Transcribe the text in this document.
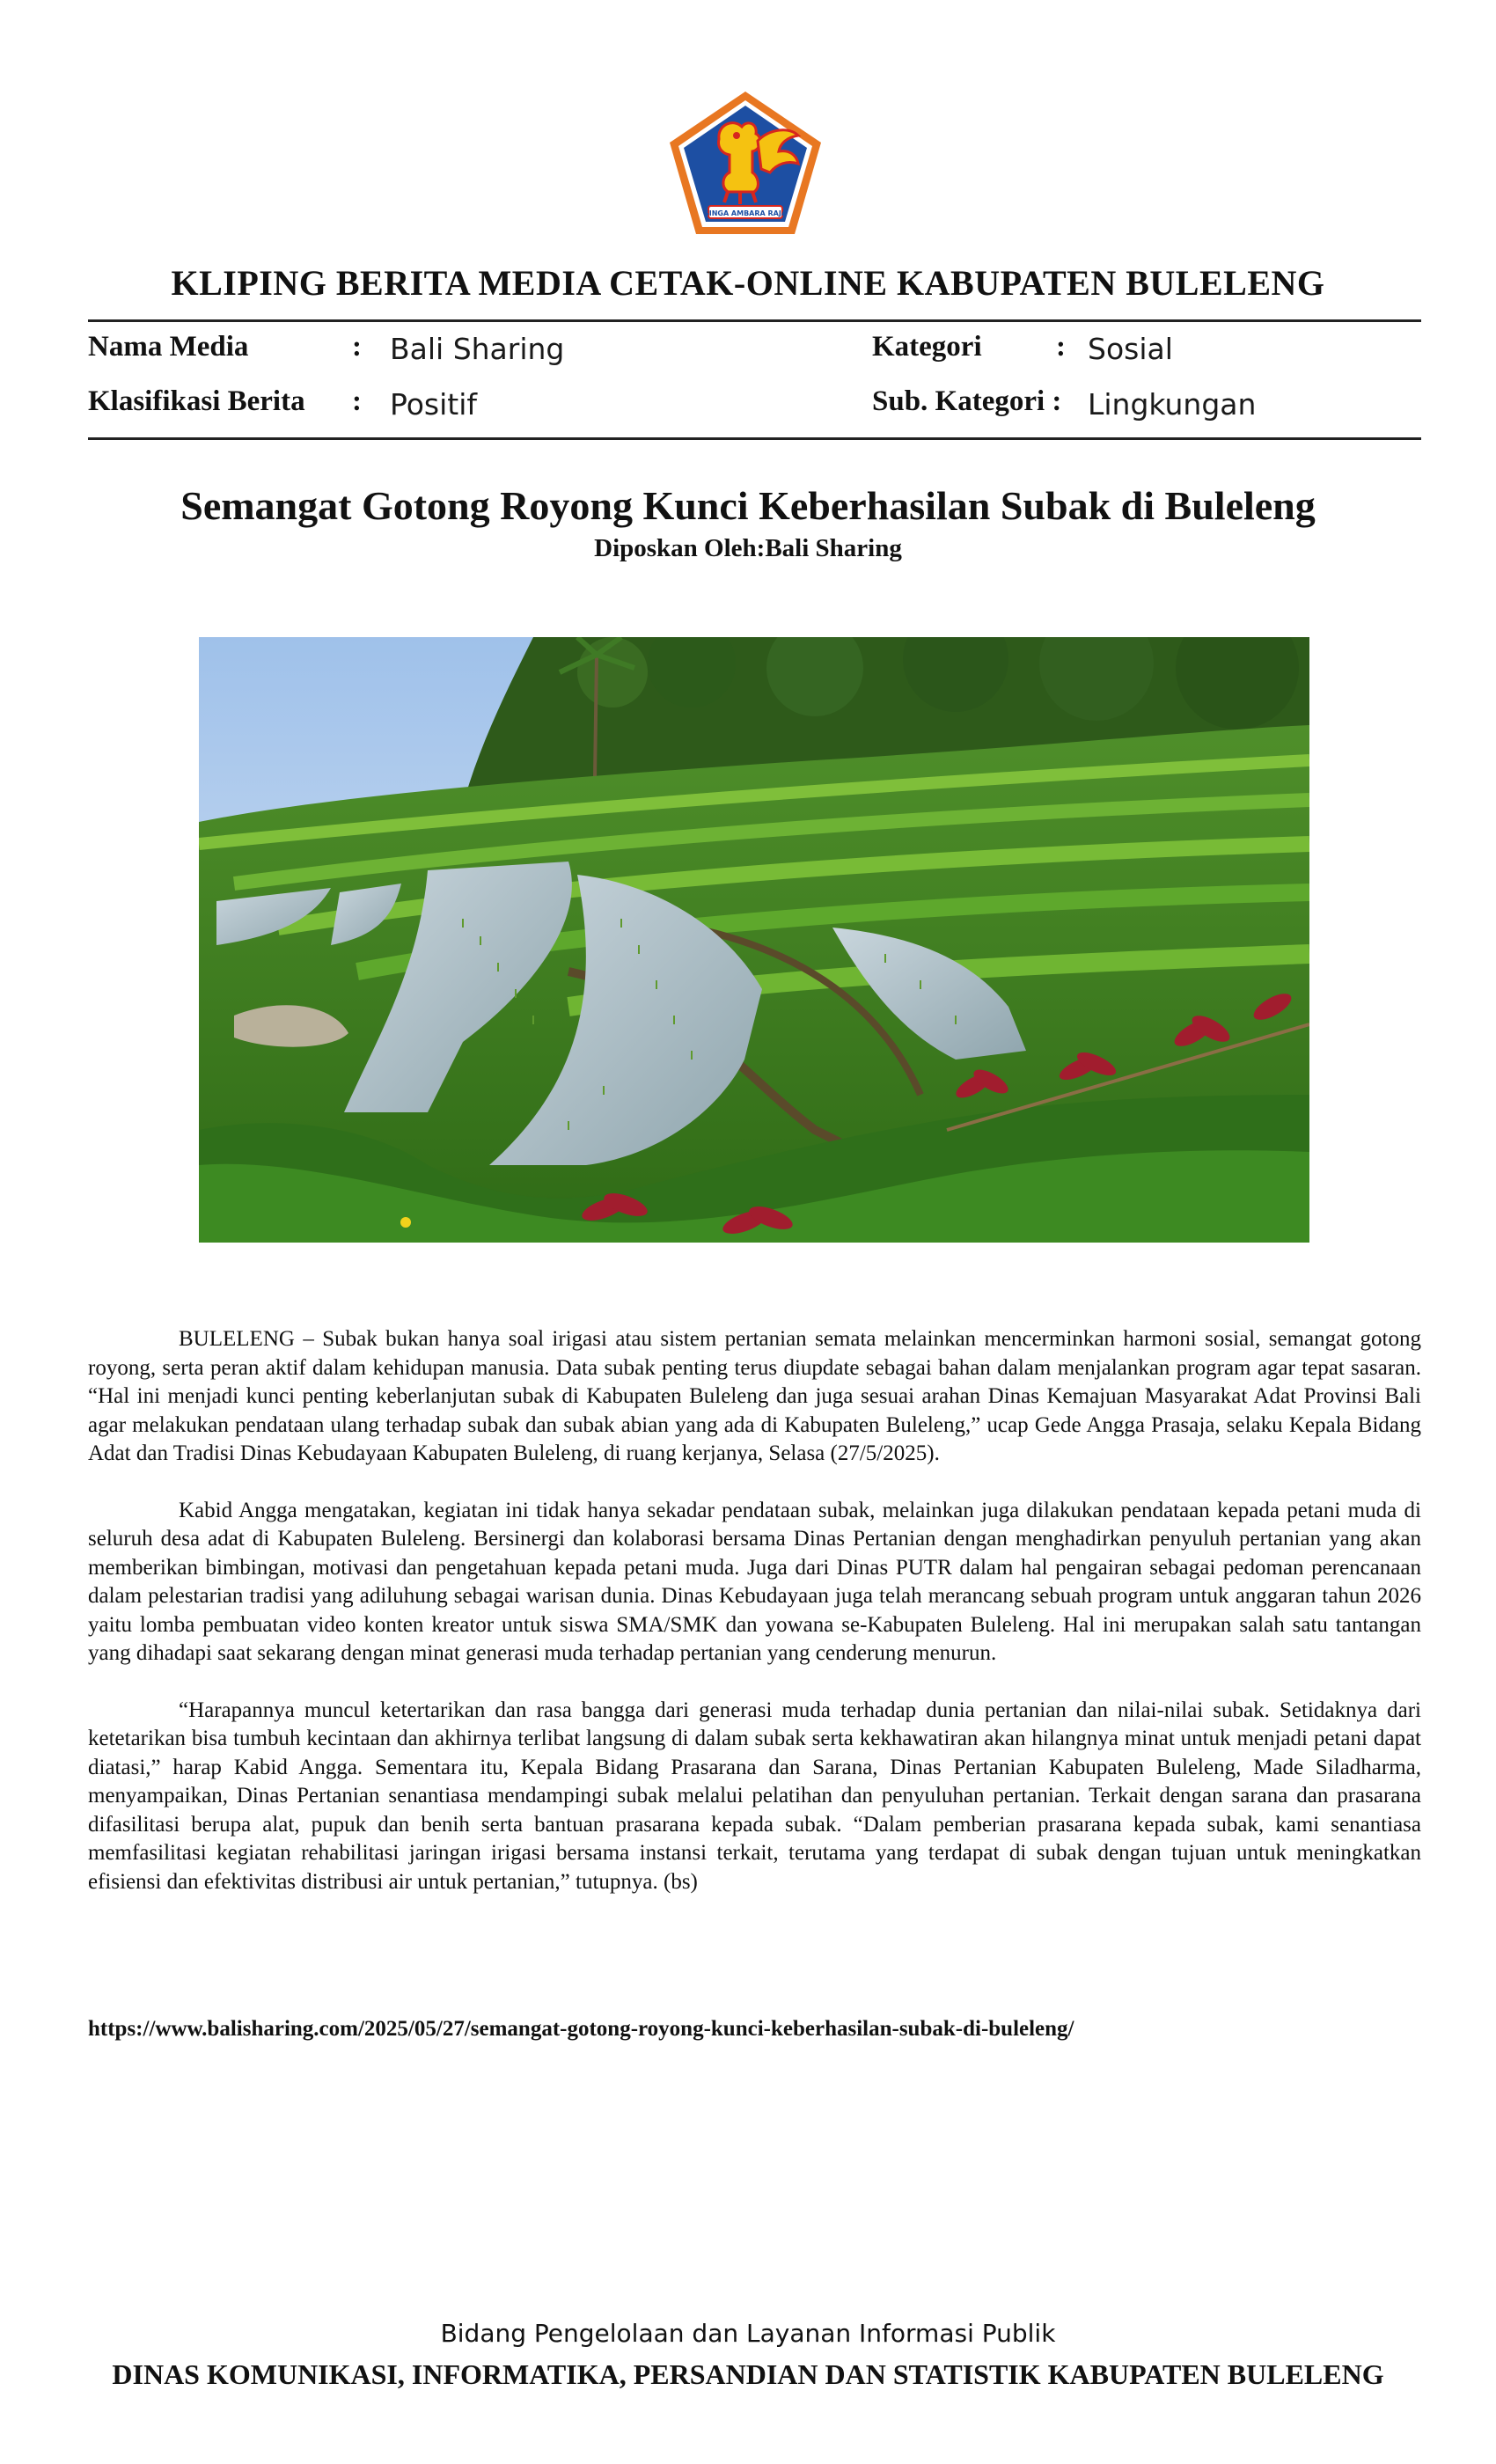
SINGA AMBARA RAJA
KLIPING BERITA MEDIA CETAK-ONLINE KABUPATEN BULELENG
Nama Media	: Bali Sharing	Kategori	: Sosial
Klasifikasi Berita : Positif	Sub. Kategori : Lingkungan
Semangat Gotong Royong Kunci Keberhasilan Subak di Buleleng
Diposkan Oleh:Bali Sharing

BULELENG – Subak bukan hanya soal irigasi atau sistem pertanian semata melainkan mencerminkan harmoni sosial, semangat gotong royong, serta peran aktif dalam kehidupan manusia. Data subak penting terus diupdate sebagai bahan dalam menjalankan program agar tepat sasaran. “Hal ini menjadi kunci penting keberlanjutan subak di Kabupaten Buleleng dan juga sesuai arahan Dinas Kemajuan Masyarakat Adat Provinsi Bali agar melakukan pendataan ulang terhadap subak dan subak abian yang ada di Kabupaten Buleleng,” ucap Gede Angga Prasaja, selaku Kepala Bidang Adat dan Tradisi Dinas Kebudayaan Kabupaten Buleleng, di ruang kerjanya, Selasa (27/5/2025).

Kabid Angga mengatakan, kegiatan ini tidak hanya sekadar pendataan subak, melainkan juga dilakukan pendataan kepada petani muda di seluruh desa adat di Kabupaten Buleleng. Bersinergi dan kolaborasi bersama Dinas Pertanian dengan menghadirkan penyuluh pertanian yang akan memberikan bimbingan, motivasi dan pengetahuan kepada petani muda. Juga dari Dinas PUTR dalam hal pengairan sebagai pedoman perencanaan dalam pelestarian tradisi yang adiluhung sebagai warisan dunia. Dinas Kebudayaan juga telah merancang sebuah program untuk anggaran tahun 2026 yaitu lomba pembuatan video konten kreator untuk siswa SMA/SMK dan yowana se-Kabupaten Buleleng. Hal ini merupakan salah satu tantangan yang dihadapi saat sekarang dengan minat generasi muda terhadap pertanian yang cenderung menurun.

“Harapannya muncul ketertarikan dan rasa bangga dari generasi muda terhadap dunia pertanian dan nilai-nilai subak. Setidaknya dari ketetarikan bisa tumbuh kecintaan dan akhirnya terlibat langsung di dalam subak serta kekhawatiran akan hilangnya minat untuk menjadi petani dapat diatasi,” harap Kabid Angga. Sementara itu, Kepala Bidang Prasarana dan Sarana, Dinas Pertanian Kabupaten Buleleng, Made Siladharma, menyampaikan, Dinas Pertanian senantiasa mendampingi subak melalui pelatihan dan penyuluhan pertanian. Terkait dengan sarana dan prasarana difasilitasi berupa alat, pupuk dan benih serta bantuan prasarana kepada subak. “Dalam pemberian prasarana kepada subak, kami senantiasa memfasilitasi kegiatan rehabilitasi jaringan irigasi bersama instansi terkait, terutama yang terdapat di subak dengan tujuan untuk meningkatkan efisiensi dan efektivitas distribusi air untuk pertanian,” tutupnya. (bs)

https://www.balisharing.com/2025/05/27/semangat-gotong-royong-kunci-keberhasilan-subak-di-buleleng/
Bidang Pengelolaan dan Layanan Informasi Publik
DINAS KOMUNIKASI, INFORMATIKA, PERSANDIAN DAN STATISTIK KABUPATEN BULELENG
